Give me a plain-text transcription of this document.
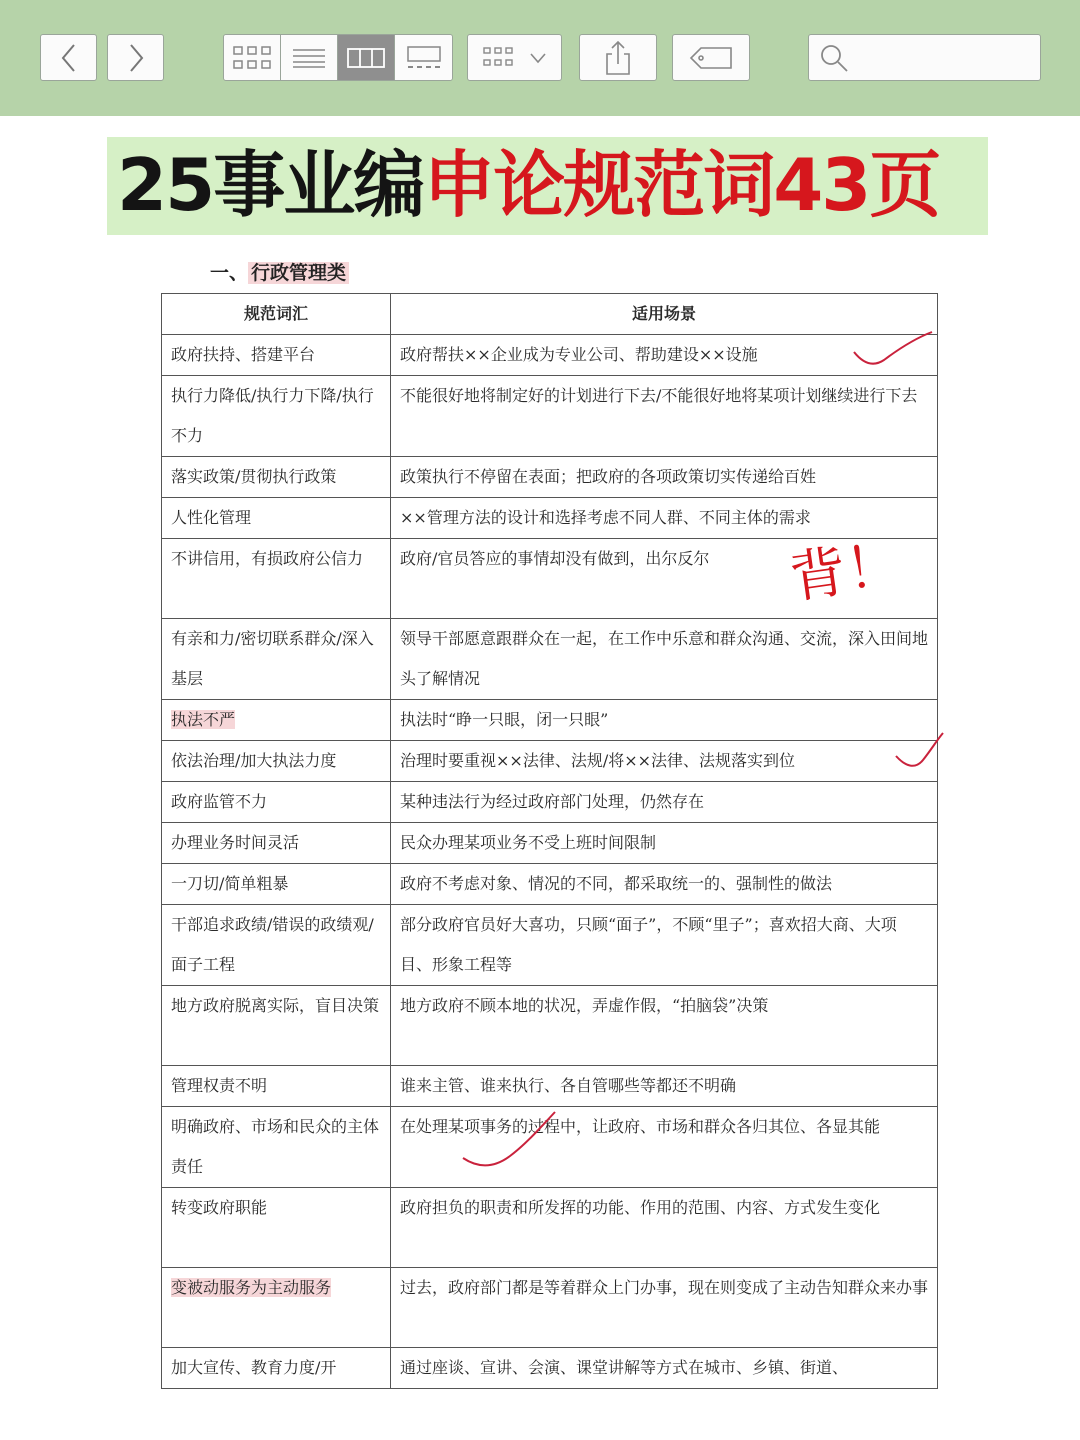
25事业编申论规范词43页
一、 行政管理类
规范词汇	适用场景
政府扶持、搭建平台	政府帮扶××企业成为专业公司、帮助建设××设施
执行力降低/执行力下降/执行不力	不能很好地将制定好的计划进行下去/不能很好地将某项计划继续进行下去
落实政策/贯彻执行政策	政策执行不停留在表面；把政府的各项政策切实传递给百姓
人性化管理	××管理方法的设计和选择考虑不同人群、不同主体的需求
不讲信用，有损政府公信力	政府/官员答应的事情却没有做到，出尔反尔
有亲和力/密切联系群众/深入基层	领导干部愿意跟群众在一起，在工作中乐意和群众沟通、交流，深入田间地头了解情况
执法不严	执法时“睁一只眼，闭一只眼”
依法治理/加大执法力度	治理时要重视××法律、法规/将××法律、法规落实到位
政府监管不力	某种违法行为经过政府部门处理，仍然存在
办理业务时间灵活	民众办理某项业务不受上班时间限制
一刀切/简单粗暴	政府不考虑对象、情况的不同，都采取统一的、强制性的做法
干部追求政绩/错误的政绩观/面子工程	部分政府官员好大喜功，只顾“面子”，不顾“里子”；喜欢招大商、大项目、形象工程等
地方政府脱离实际，盲目决策	地方政府不顾本地的状况，弄虚作假，“拍脑袋”决策
管理权责不明	谁来主管、谁来执行、各自管哪些等都还不明确
明确政府、市场和民众的主体责任	在处理某项事务的过程中，让政府、市场和群众各归其位、各显其能
转变政府职能	政府担负的职责和所发挥的功能、作用的范围、内容、方式发生变化
变被动服务为主动服务	过去，政府部门都是等着群众上门办事，现在则变成了主动告知群众来办事
加大宣传、教育力度/开	通过座谈、宣讲、会演、课堂讲解等方式在城市、乡镇、街道、
背！
